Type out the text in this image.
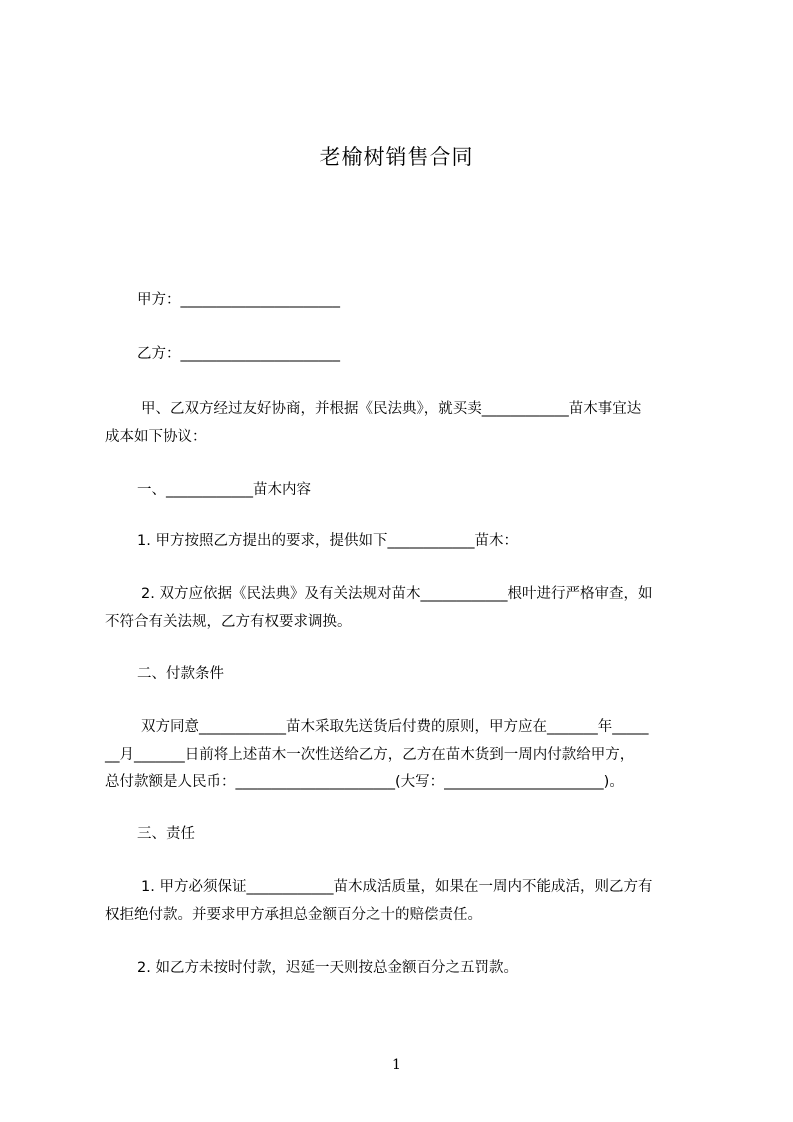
老榆树销售合同
甲方：______________________
乙方：______________________
甲、乙双方经过友好协商，并根据《民法典》，就买卖____________苗木事宜达
成本如下协议：
一、____________苗木内容
1. 甲方按照乙方提出的要求，提供如下____________苗木：
2. 双方应依据《民法典》及有关法规对苗木____________根叶进行严格审查，如
不符合有关法规，乙方有权要求调换。
二、付款条件
双方同意____________苗木采取先送货后付费的原则，甲方应在_______年_____
__月_______日前将上述苗木一次性送给乙方，乙方在苗木货到一周内付款给甲方，
总付款额是人民币：______________________(大写：______________________)。
三、责任
1. 甲方必须保证____________苗木成活质量，如果在一周内不能成活，则乙方有
权拒绝付款。并要求甲方承担总金额百分之十的赔偿责任。
2. 如乙方未按时付款，迟延一天则按总金额百分之五罚款。
1
